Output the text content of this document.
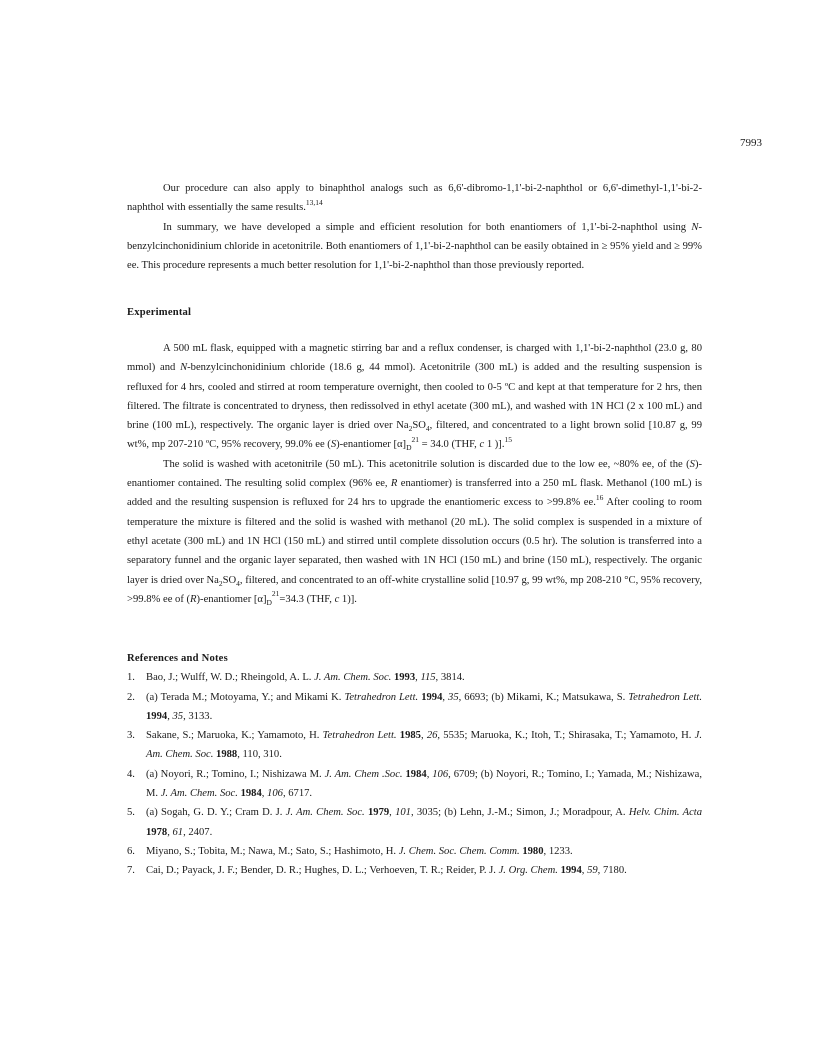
7993

Our procedure can also apply to binaphthol analogs such as 6,6'-dibromo-1,1'-bi-2-naphthol or 6,6'-dimethyl-1,1'-bi-2-naphthol with essentially the same results.$^{13,14}$

In summary, we have developed a simple and efficient resolution for both enantiomers of 1,1'-bi-2-naphthol using N-benzylcinchonidinium chloride in acetonitrile. Both enantiomers of 1,1'-bi-2-naphthol can be easily obtained in ≥ 95% yield and ≥ 99% ee. This procedure represents a much better resolution for 1,1'-bi-2-naphthol than those previously reported.

Experimental

A 500 mL flask, equipped with a magnetic stirring bar and a reflux condenser, is charged with 1,1'-bi-2-naphthol (23.0 g, 80 mmol) and N-benzylcinchonidinium chloride (18.6 g, 44 mmol). Acetonitrile (300 mL) is added and the resulting suspension is refluxed for 4 hrs, cooled and stirred at room temperature overnight, then cooled to 0-5 ºC and kept at that temperature for 2 hrs, then filtered. The filtrate is concentrated to dryness, then redissolved in ethyl acetate (300 mL), and washed with 1N HCl (2 x 100 mL) and brine (100 mL), respectively. The organic layer is dried over $Na_2SO_4$, filtered, and concentrated to a light brown solid [10.87 g, 99 wt%, mp 207-210 ºC, 95% recovery, 99.0% ee (S)-enantiomer $[\alpha]_D^{21} = 34.0$ (THF, c 1 )].$^{15}$

The solid is washed with acetonitrile (50 mL). This acetonitrile solution is discarded due to the low ee, ~80% ee, of the (S)-enantiomer contained. The resulting solid complex (96% ee, R enantiomer) is transferred into a 250 mL flask. Methanol (100 mL) is added and the resulting suspension is refluxed for 24 hrs to upgrade the enantiomeric excess to >99.8% ee.$^{16}$ After cooling to room temperature the mixture is filtered and the solid is washed with methanol (20 mL). The solid complex is suspended in a mixture of ethyl acetate (300 mL) and 1N HCl (150 mL) and stirred until complete dissolution occurs (0.5 hr). The solution is transferred into a separatory funnel and the organic layer separated, then washed with 1N HCl (150 mL) and brine (150 mL), respectively. The organic layer is dried over $Na_2SO_4$, filtered, and concentrated to an off-white crystalline solid [10.97 g, 99 wt%, mp 208-210 °C, 95% recovery, >99.8% ee of (R)-enantiomer $[\alpha]_D^{21}=34.3$ (THF, c 1)].

References and Notes
1. Bao, J.; Wulff, W. D.; Rheingold, A. L. J. Am. Chem. Soc. 1993, 115, 3814.
2. (a) Terada M.; Motoyama, Y.; and Mikami K. Tetrahedron Lett. 1994, 35, 6693; (b) Mikami, K.; Matsukawa, S. Tetrahedron Lett. 1994, 35, 3133.
3. Sakane, S.; Maruoka, K.; Yamamoto, H. Tetrahedron Lett. 1985, 26, 5535; Maruoka, K.; Itoh, T.; Shirasaka, T.; Yamamoto, H. J. Am. Chem. Soc. 1988, 110, 310.
4. (a) Noyori, R.; Tomino, I.; Nishizawa M. J. Am. Chem .Soc. 1984, 106, 6709; (b) Noyori, R.; Tomino, I.; Yamada, M.; Nishizawa, M. J. Am. Chem. Soc. 1984, 106, 6717.
5. (a) Sogah, G. D. Y.; Cram D. J. J. Am. Chem. Soc. 1979, 101, 3035; (b) Lehn, J.-M.; Simon, J.; Moradpour, A. Helv. Chim. Acta 1978, 61, 2407.
6. Miyano, S.; Tobita, M.; Nawa, M.; Sato, S.; Hashimoto, H. J. Chem. Soc. Chem. Comm. 1980, 1233.
7. Cai, D.; Payack, J. F.; Bender, D. R.; Hughes, D. L.; Verhoeven, T. R.; Reider, P. J. J. Org. Chem. 1994, 59, 7180.
